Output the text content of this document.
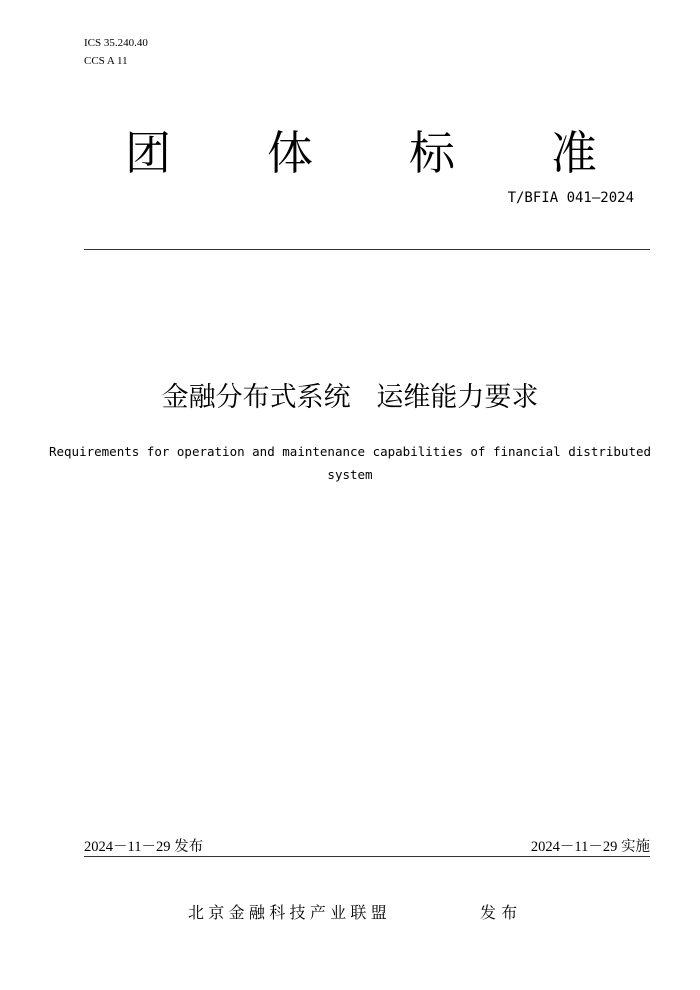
ICS 35.240.40
CCS A 11
团 体 标 准
T/BFIA 041—2024
金融分布式系统   运维能力要求
Requirements for operation and maintenance capabilities of financial distributed system
2024－11－29 发布	2024－11－29 实施
北京金融科技产业联盟	发 布
